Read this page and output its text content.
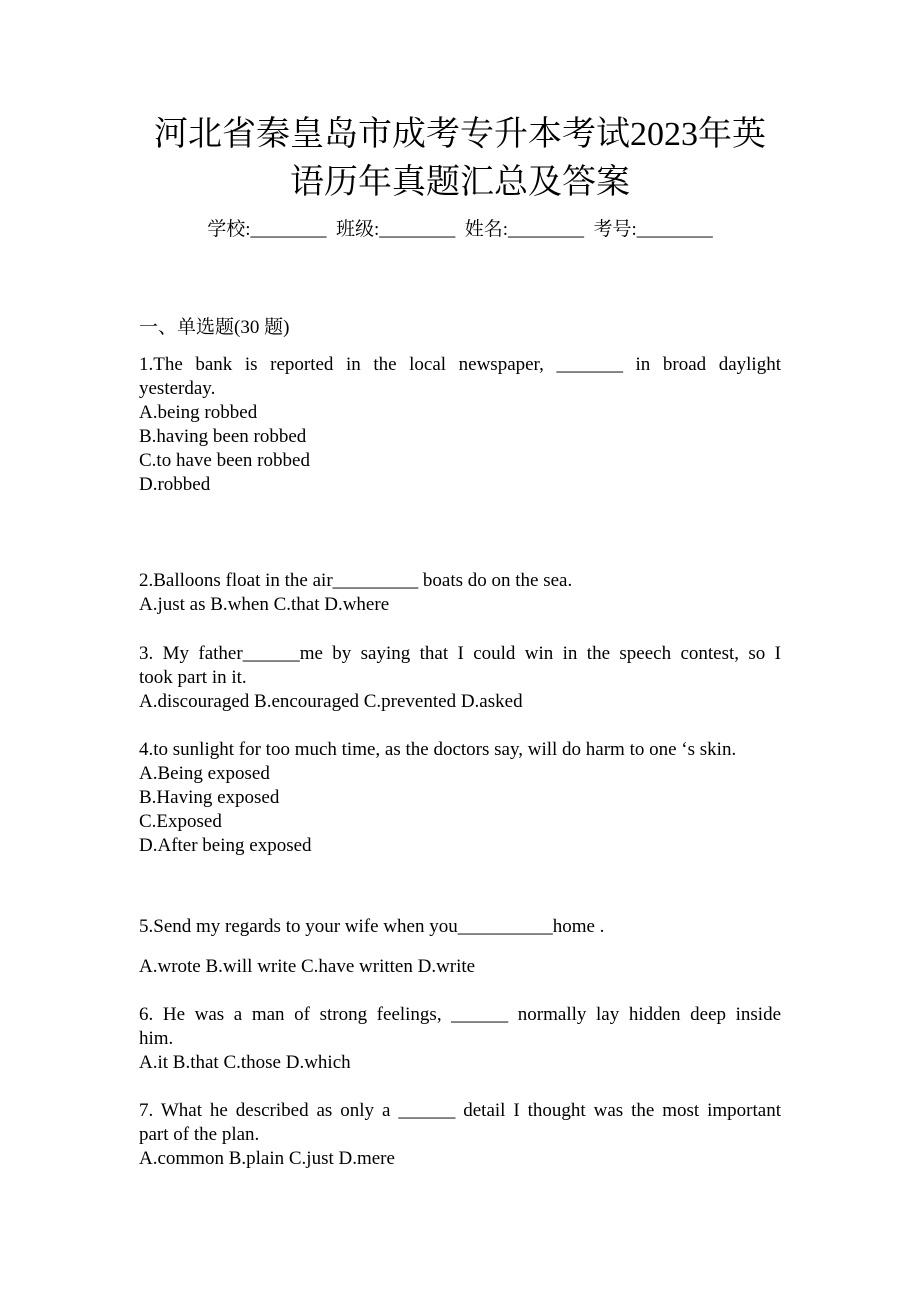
河北省秦皇岛市成考专升本考试2023年英
语历年真题汇总及答案
学校:________  班级:________  姓名:________  考号:________
一、单选题(30 题)
1.The bank is reported in the local newspaper, _______ in broad daylight
yesterday.
A.being robbed
B.having been robbed
C.to have been robbed
D.robbed
2.Balloons float in the air_________ boats do on the sea.
A.just as B.when C.that D.where
3. My father______me by saying that I could win in the speech contest, so I
took part in it.
A.discouraged B.encouraged C.prevented D.asked
4.to sunlight for too much time, as the doctors say, will do harm to one ‘s skin.
A.Being exposed
B.Having exposed
C.Exposed
D.After being exposed
5.Send my regards to your wife when you__________home .
A.wrote B.will write C.have written D.write
6. He was a man of strong feelings, ______ normally lay hidden deep inside
him.
A.it B.that C.those D.which
7. What he described as only a ______ detail I thought was the most important
part of the plan.
A.common B.plain C.just D.mere
